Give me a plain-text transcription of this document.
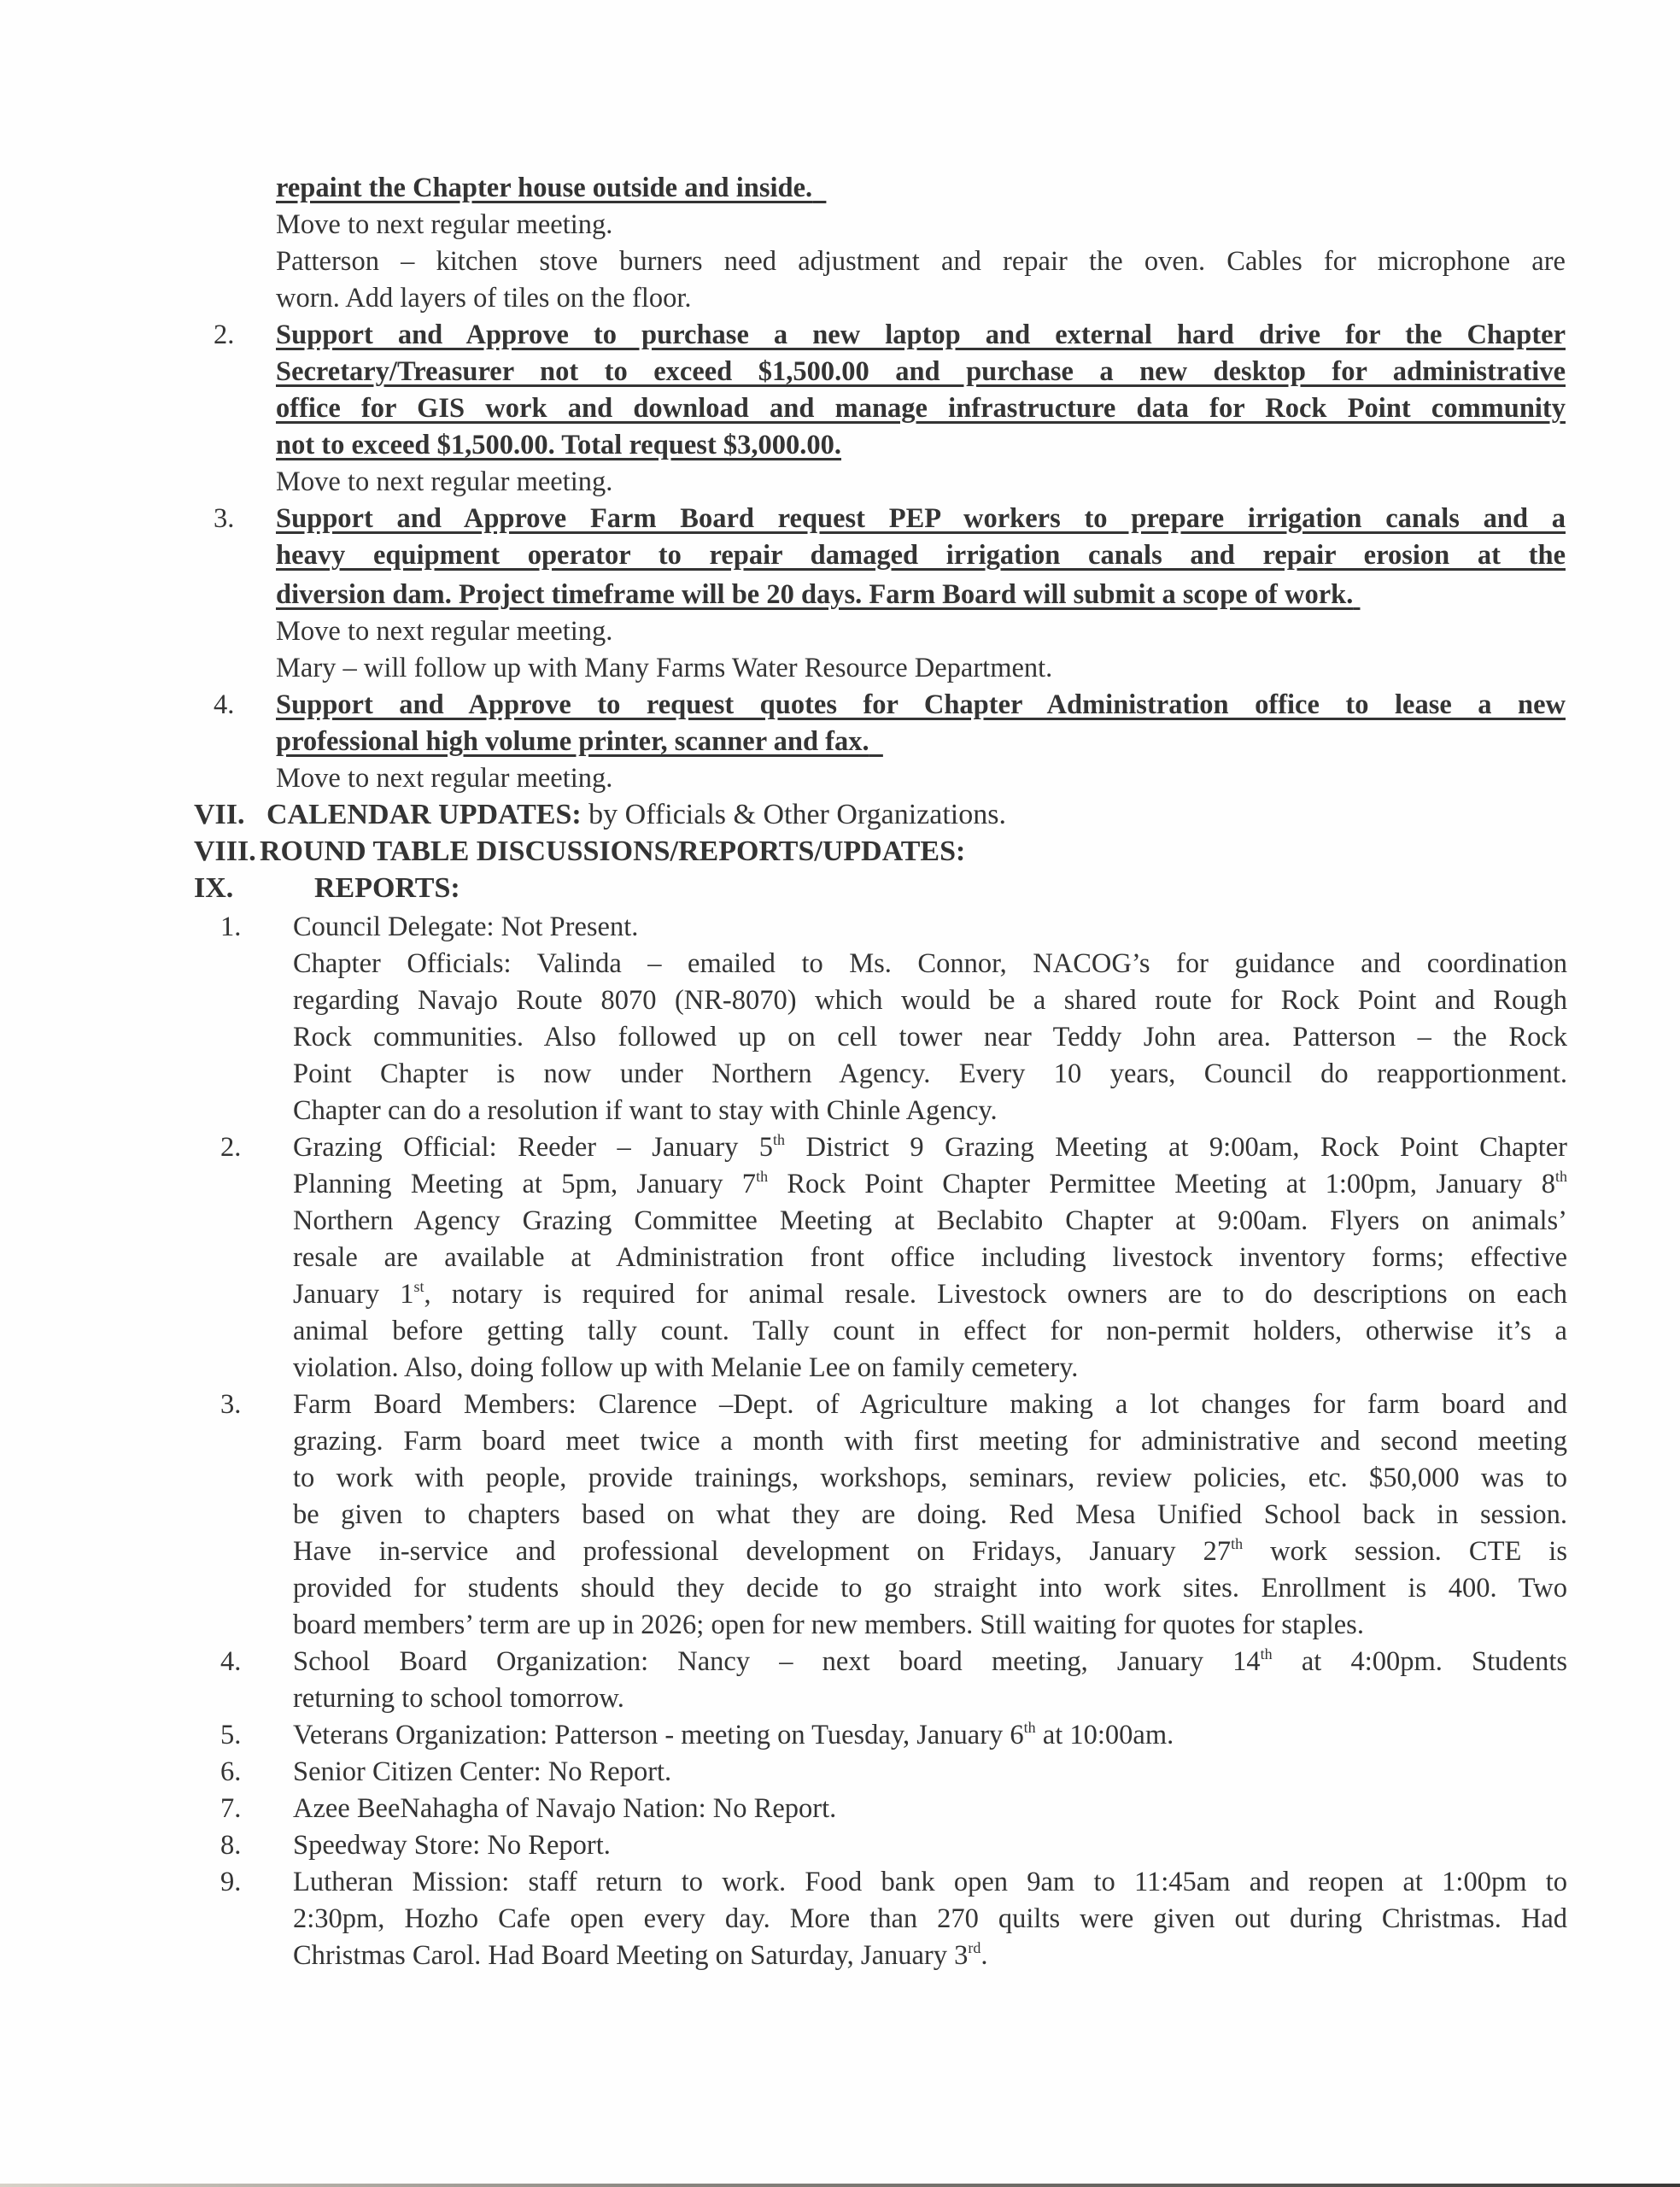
repaint the Chapter house outside and inside.
Move to next regular meeting.
Patterson – kitchen stove burners need adjustment and repair the oven. Cables for microphone are
worn. Add layers of tiles on the floor.
2. Support and Approve to purchase a new laptop and external hard drive for the Chapter
Secretary/Treasurer not to exceed $1,500.00 and purchase a new desktop for administrative
office for GIS work and download and manage infrastructure data for Rock Point community
not to exceed $1,500.00. Total request $3,000.00.
Move to next regular meeting.
3. Support and Approve Farm Board request PEP workers to prepare irrigation canals and a
heavy equipment operator to repair damaged irrigation canals and repair erosion at the
diversion dam. Project timeframe will be 20 days. Farm Board will submit a scope of work.
Move to next regular meeting.
Mary – will follow up with Many Farms Water Resource Department.
4. Support and Approve to request quotes for Chapter Administration office to lease a new
professional high volume printer, scanner and fax.
Move to next regular meeting.
VII. CALENDAR UPDATES: by Officials & Other Organizations.
VIII. ROUND TABLE DISCUSSIONS/REPORTS/UPDATES:
IX.	REPORTS:
1. Council Delegate: Not Present.
Chapter Officials: Valinda – emailed to Ms. Connor, NACOG’s for guidance and coordination
regarding Navajo Route 8070 (NR-8070) which would be a shared route for Rock Point and Rough
Rock communities. Also followed up on cell tower near Teddy John area. Patterson – the Rock
Point Chapter is now under Northern Agency. Every 10 years, Council do reapportionment.
Chapter can do a resolution if want to stay with Chinle Agency.
2. Grazing Official: Reeder – January 5th District 9 Grazing Meeting at 9:00am, Rock Point Chapter
Planning Meeting at 5pm, January 7th Rock Point Chapter Permittee Meeting at 1:00pm, January 8th
Northern Agency Grazing Committee Meeting at Beclabito Chapter at 9:00am. Flyers on animals’
resale are available at Administration front office including livestock inventory forms; effective
January 1st, notary is required for animal resale. Livestock owners are to do descriptions on each
animal before getting tally count. Tally count in effect for non-permit holders, otherwise it’s a
violation. Also, doing follow up with Melanie Lee on family cemetery.
3. Farm Board Members: Clarence –Dept. of Agriculture making a lot changes for farm board and
grazing. Farm board meet twice a month with first meeting for administrative and second meeting
to work with people, provide trainings, workshops, seminars, review policies, etc. $50,000 was to
be given to chapters based on what they are doing. Red Mesa Unified School back in session.
Have in-service and professional development on Fridays, January 27th work session. CTE is
provided for students should they decide to go straight into work sites. Enrollment is 400. Two
board members’ term are up in 2026; open for new members. Still waiting for quotes for staples.
4. School Board Organization: Nancy – next board meeting, January 14th at 4:00pm. Students
returning to school tomorrow.
5. Veterans Organization: Patterson - meeting on Tuesday, January 6th at 10:00am.
6. Senior Citizen Center: No Report.
7. Azee BeeNahagha of Navajo Nation: No Report.
8. Speedway Store: No Report.
9. Lutheran Mission: staff return to work. Food bank open 9am to 11:45am and reopen at 1:00pm to
2:30pm, Hozho Cafe open every day. More than 270 quilts were given out during Christmas. Had
Christmas Carol. Had Board Meeting on Saturday, January 3rd.
